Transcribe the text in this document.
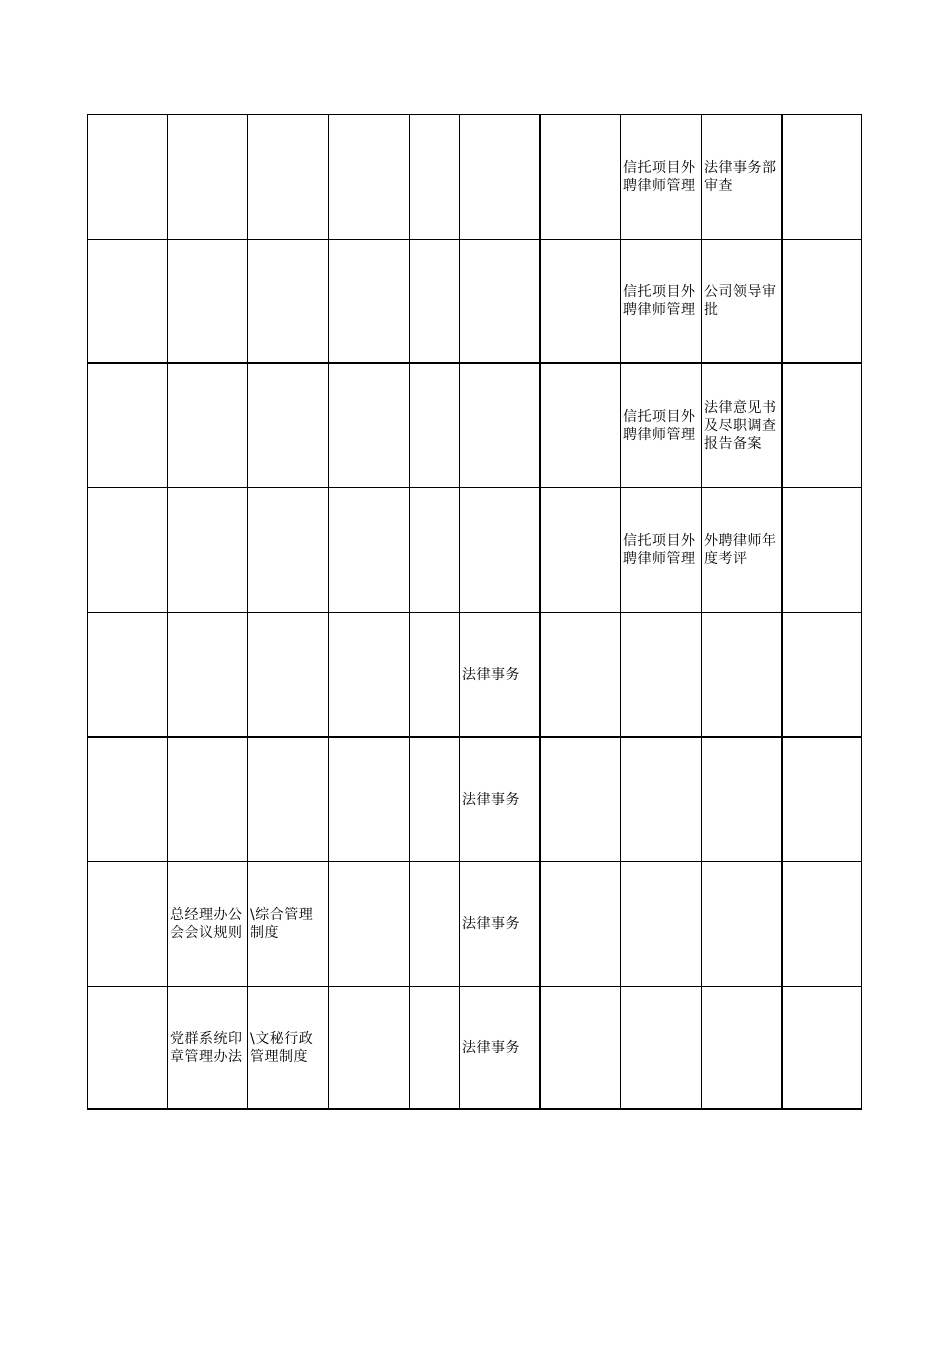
信托项目外
聘律师管理
法律事务部
审查
信托项目外
聘律师管理
公司领导审
批
信托项目外
聘律师管理
法律意见书
及尽职调查
报告备案
信托项目外
聘律师管理
外聘律师年
度考评
法律事务
法律事务
总经理办公
会会议规则
\综合管理
制度
法律事务
党群系统印
章管理办法
\文秘行政
管理制度
法律事务
